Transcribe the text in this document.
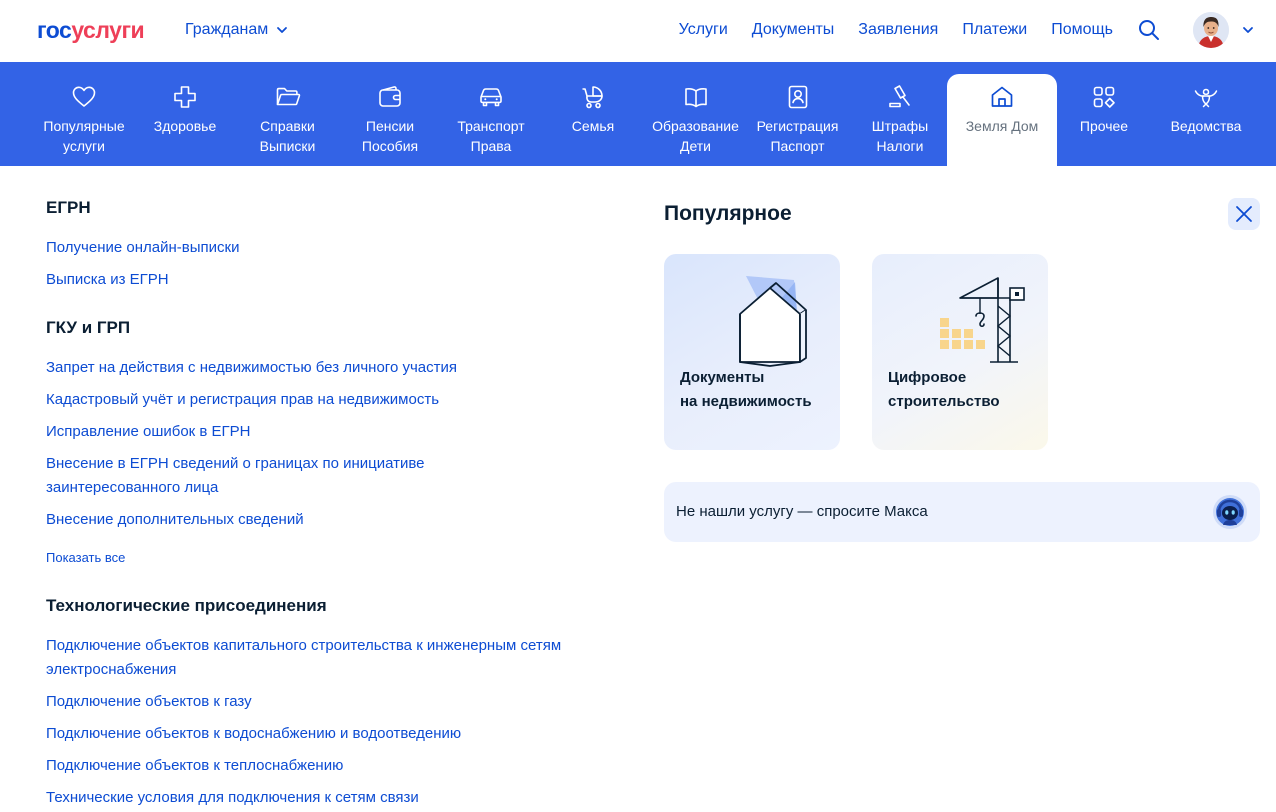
госуслуги	Гражданам	Услуги Документы Заявления Платежи Помощь
Популярные
услуги
Здоровье	Справки
Выписки
Пенсии
Пособия
Транспорт
Права
Семья	Образование
Дети
Регистрация
Паспорт
Штрафы
Налоги
Земля Дом	Прочее	Ведомства
ЕГРН
Получение онлайн-выписки
Выписка из ЕГРН
ГКУ и ГРП
Запрет на действия с недвижимостью без личного участия
Кадастровый учёт и регистрация прав на недвижимость
Исправление ошибок в ЕГРН
Внесение в ЕГРН сведений о границах по инициативе заинтересованного лица
Внесение дополнительных сведений
Показать все
Технологические присоединения
Подключение объектов капитального строительства к инженерным сетям электроснабжения
Подключение объектов к газу
Подключение объектов к водоснабжению и водоотведению
Подключение объектов к теплоснабжению
Технические условия для подключения к сетям связи
Популярное
Документы
на недвижимость
Цифровое
строительство
Не нашли услугу — спросите Макса
